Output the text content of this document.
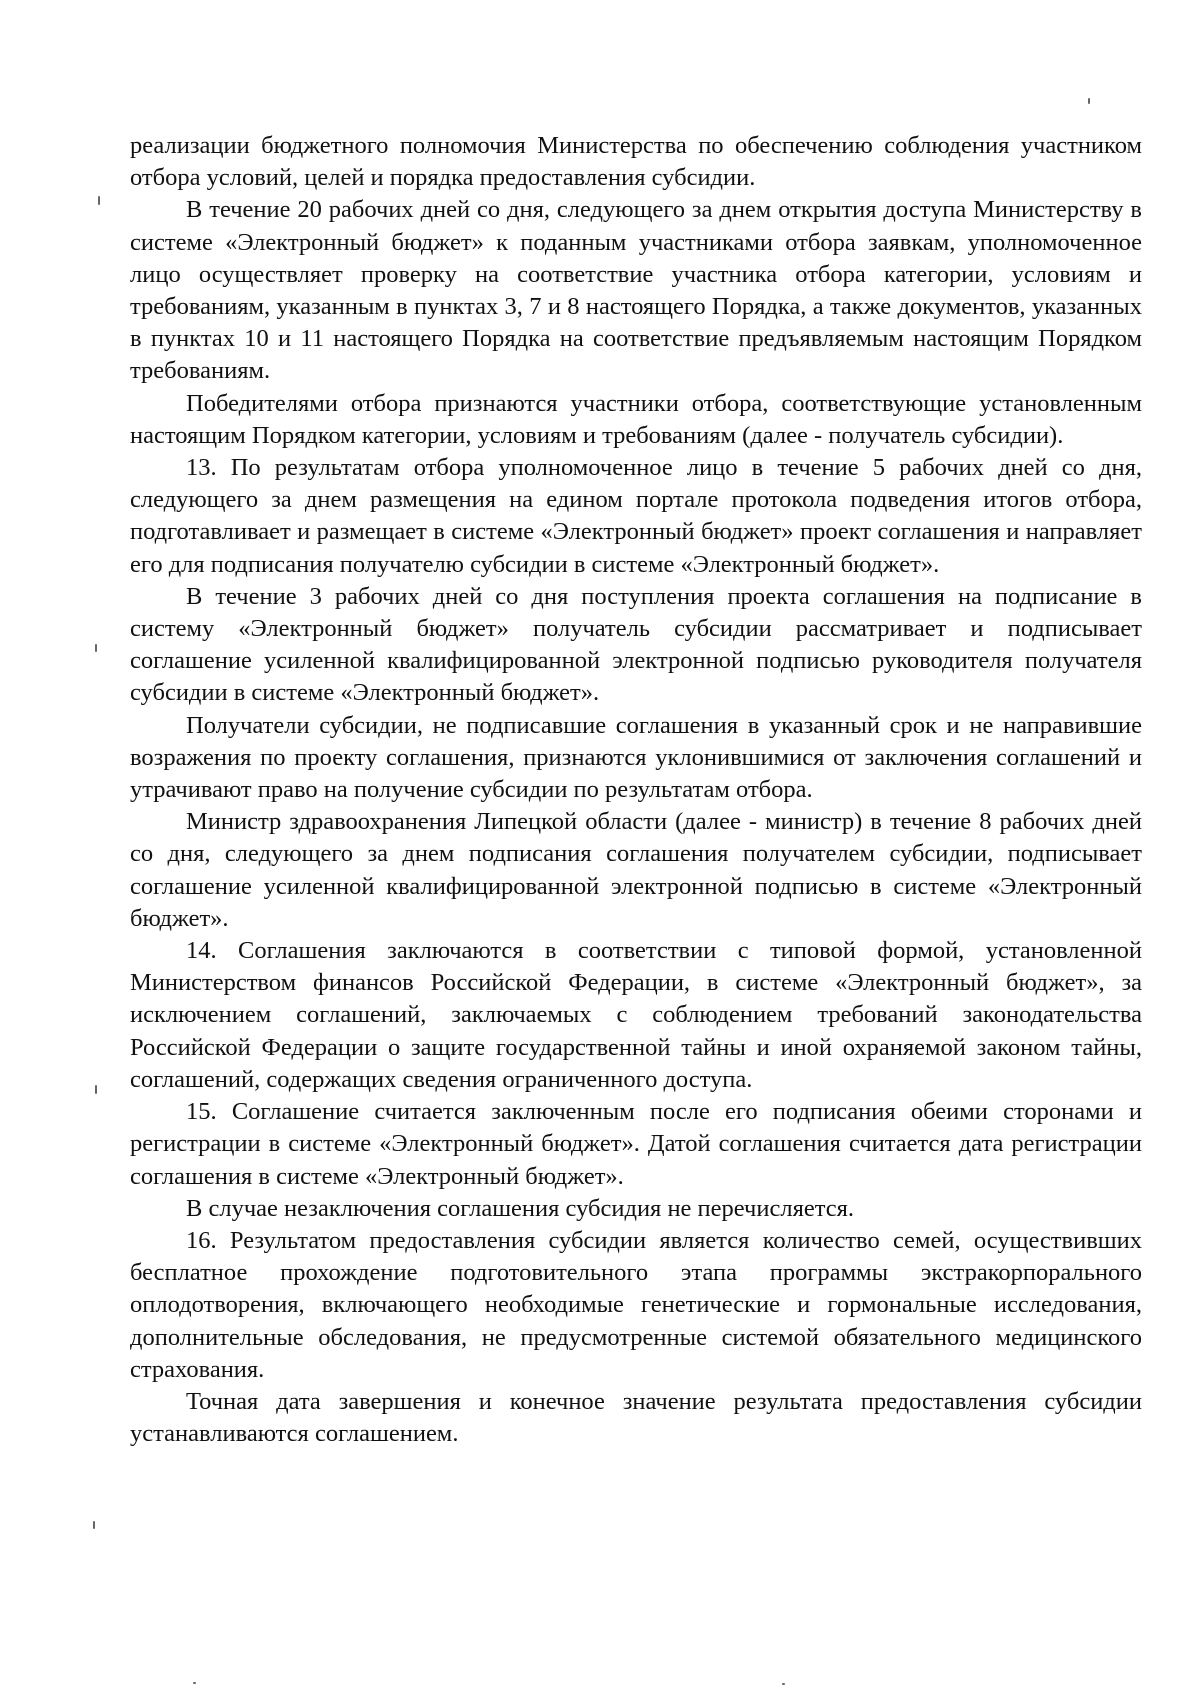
реализации бюджетного полномочия Министерства по обеспечению соблюдения участником отбора условий, целей и порядка предоставления субсидии.

В течение 20 рабочих дней со дня, следующего за днем открытия доступа Министерству в системе «Электронный бюджет» к поданным участниками отбора заявкам, уполномоченное лицо осуществляет проверку на соответствие участника отбора категории, условиям и требованиям, указанным в пунктах 3, 7 и 8 настоящего Порядка, а также документов, указанных в пунктах 10 и 11 настоящего Порядка на соответствие предъявляемым настоящим Порядком требованиям.

Победителями отбора признаются участники отбора, соответствующие установленным настоящим Порядком категории, условиям и требованиям (далее - получатель субсидии).

13. По результатам отбора уполномоченное лицо в течение 5 рабочих дней со дня, следующего за днем размещения на едином портале протокола подведения итогов отбора, подготавливает и размещает в системе «Электронный бюджет» проект соглашения и направляет его для подписания получателю субсидии в системе «Электронный бюджет».

В течение 3 рабочих дней со дня поступления проекта соглашения на подписание в систему «Электронный бюджет» получатель субсидии рассматривает и подписывает соглашение усиленной квалифицированной электронной подписью руководителя получателя субсидии в системе «Электронный бюджет».

Получатели субсидии, не подписавшие соглашения в указанный срок и не направившие возражения по проекту соглашения, признаются уклонившимися от заключения соглашений и утрачивают право на получение субсидии по результатам отбора.

Министр здравоохранения Липецкой области (далее - министр) в течение 8 рабочих дней со дня, следующего за днем подписания соглашения получателем субсидии, подписывает соглашение усиленной квалифицированной электронной подписью в системе «Электронный бюджет».

14. Соглашения заключаются в соответствии с типовой формой, установленной Министерством финансов Российской Федерации, в системе «Электронный бюджет», за исключением соглашений, заключаемых с соблюдением требований законодательства Российской Федерации о защите государственной тайны и иной охраняемой законом тайны, соглашений, содержащих сведения ограниченного доступа.

15. Соглашение считается заключенным после его подписания обеими сторонами и регистрации в системе «Электронный бюджет». Датой соглашения считается дата регистрации соглашения в системе «Электронный бюджет».

В случае незаключения соглашения субсидия не перечисляется.

16. Результатом предоставления субсидии является количество семей, осуществивших бесплатное прохождение подготовительного этапа программы экстракорпорального оплодотворения, включающего необходимые генетические и гормональные исследования, дополнительные обследования, не предусмотренные системой обязательного медицинского страхования.

Точная дата завершения и конечное значение результата предоставления субсидии устанавливаются соглашением.
